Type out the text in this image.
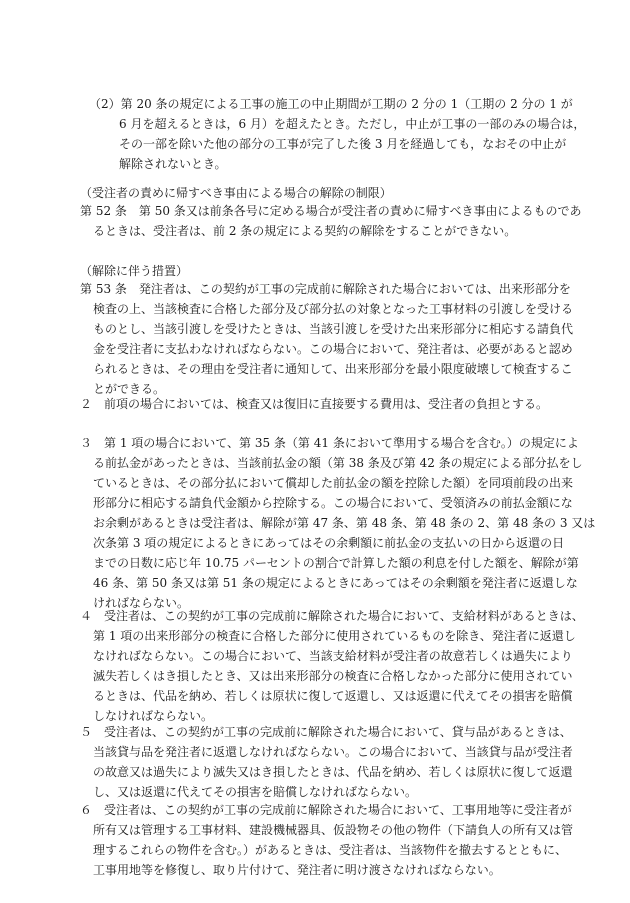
（2）第 20 条の規定による工事の施工の中止期間が工期の 2 分の 1（工期の 2 分の 1 が

6 月を超えるときは，6 月）を超えたとき。ただし，中止が工事の一部のみの場合は，

その一部を除いた他の部分の工事が完了した後 3 月を経過しても，なおその中止が

解除されないとき。

（受注者の責めに帰すべき事由による場合の解除の制限）

第 52 条　第 50 条又は前条各号に定める場合が受注者の責めに帰すべき事由によるものであ

るときは、受注者は、前 2 条の規定による契約の解除をすることができない。

（解除に伴う措置）

第 53 条　発注者は、この契約が工事の完成前に解除された場合においては、出来形部分を

検査の上、当該検査に合格した部分及び部分払の対象となった工事材料の引渡しを受ける

ものとし、当該引渡しを受けたときは、当該引渡しを受けた出来形部分に相応する請負代

金を受注者に支払わなければならない。この場合において、発注者は、必要があると認め

られるときは、その理由を受注者に通知して、出来形部分を最小限度破壊して検査するこ

とができる。

２　前項の場合においては、検査又は復旧に直接要する費用は、受注者の負担とする。

３　第 1 項の場合において、第 35 条（第 41 条において準用する場合を含む。）の規定によ

る前払金があったときは、当該前払金の額（第 38 条及び第 42 条の規定による部分払をし

ているときは、その部分払において償却した前払金の額を控除した額）を同項前段の出来

形部分に相応する請負代金額から控除する。この場合において、受領済みの前払金額にな

お余剰があるときは受注者は、解除が第 47 条、第 48 条、第 48 条の 2、第 48 条の 3 又は

次条第 3 項の規定によるときにあってはその余剰額に前払金の支払いの日から返還の日

までの日数に応じ年 10.75 パーセントの割合で計算した額の利息を付した額を、解除が第

46 条、第 50 条又は第 51 条の規定によるときにあってはその余剰額を発注者に返還しな

ければならない。

４　受注者は、この契約が工事の完成前に解除された場合において、支給材料があるときは、

第 1 項の出来形部分の検査に合格した部分に使用されているものを除き、発注者に返還し

なければならない。この場合において、当該支給材料が受注者の故意若しくは過失により

滅失若しくはき損したとき、又は出来形部分の検査に合格しなかった部分に使用されてい

るときは、代品を納め、若しくは原状に復して返還し、又は返還に代えてその損害を賠償

しなければならない。

５　受注者は、この契約が工事の完成前に解除された場合において、貸与品があるときは、

当該貸与品を発注者に返還しなければならない。この場合において、当該貸与品が受注者

の故意又は過失により滅失又はき損したときは、代品を納め、若しくは原状に復して返還

し、又は返還に代えてその損害を賠償しなければならない。

６　受注者は、この契約が工事の完成前に解除された場合において、工事用地等に受注者が

所有又は管理する工事材料、建設機械器具、仮設物その他の物件（下請負人の所有又は管

理するこれらの物件を含む。）があるときは、受注者は、当該物件を撤去するとともに、

工事用地等を修復し、取り片付けて、発注者に明け渡さなければならない。
